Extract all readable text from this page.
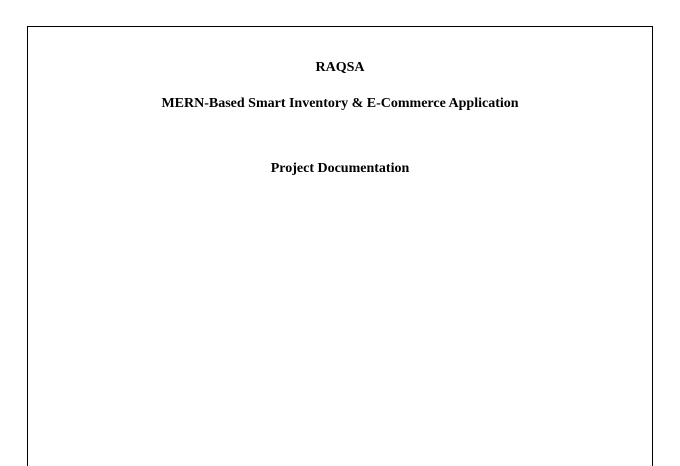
RAQSA
MERN-Based Smart Inventory & E-Commerce Application
Project Documentation
